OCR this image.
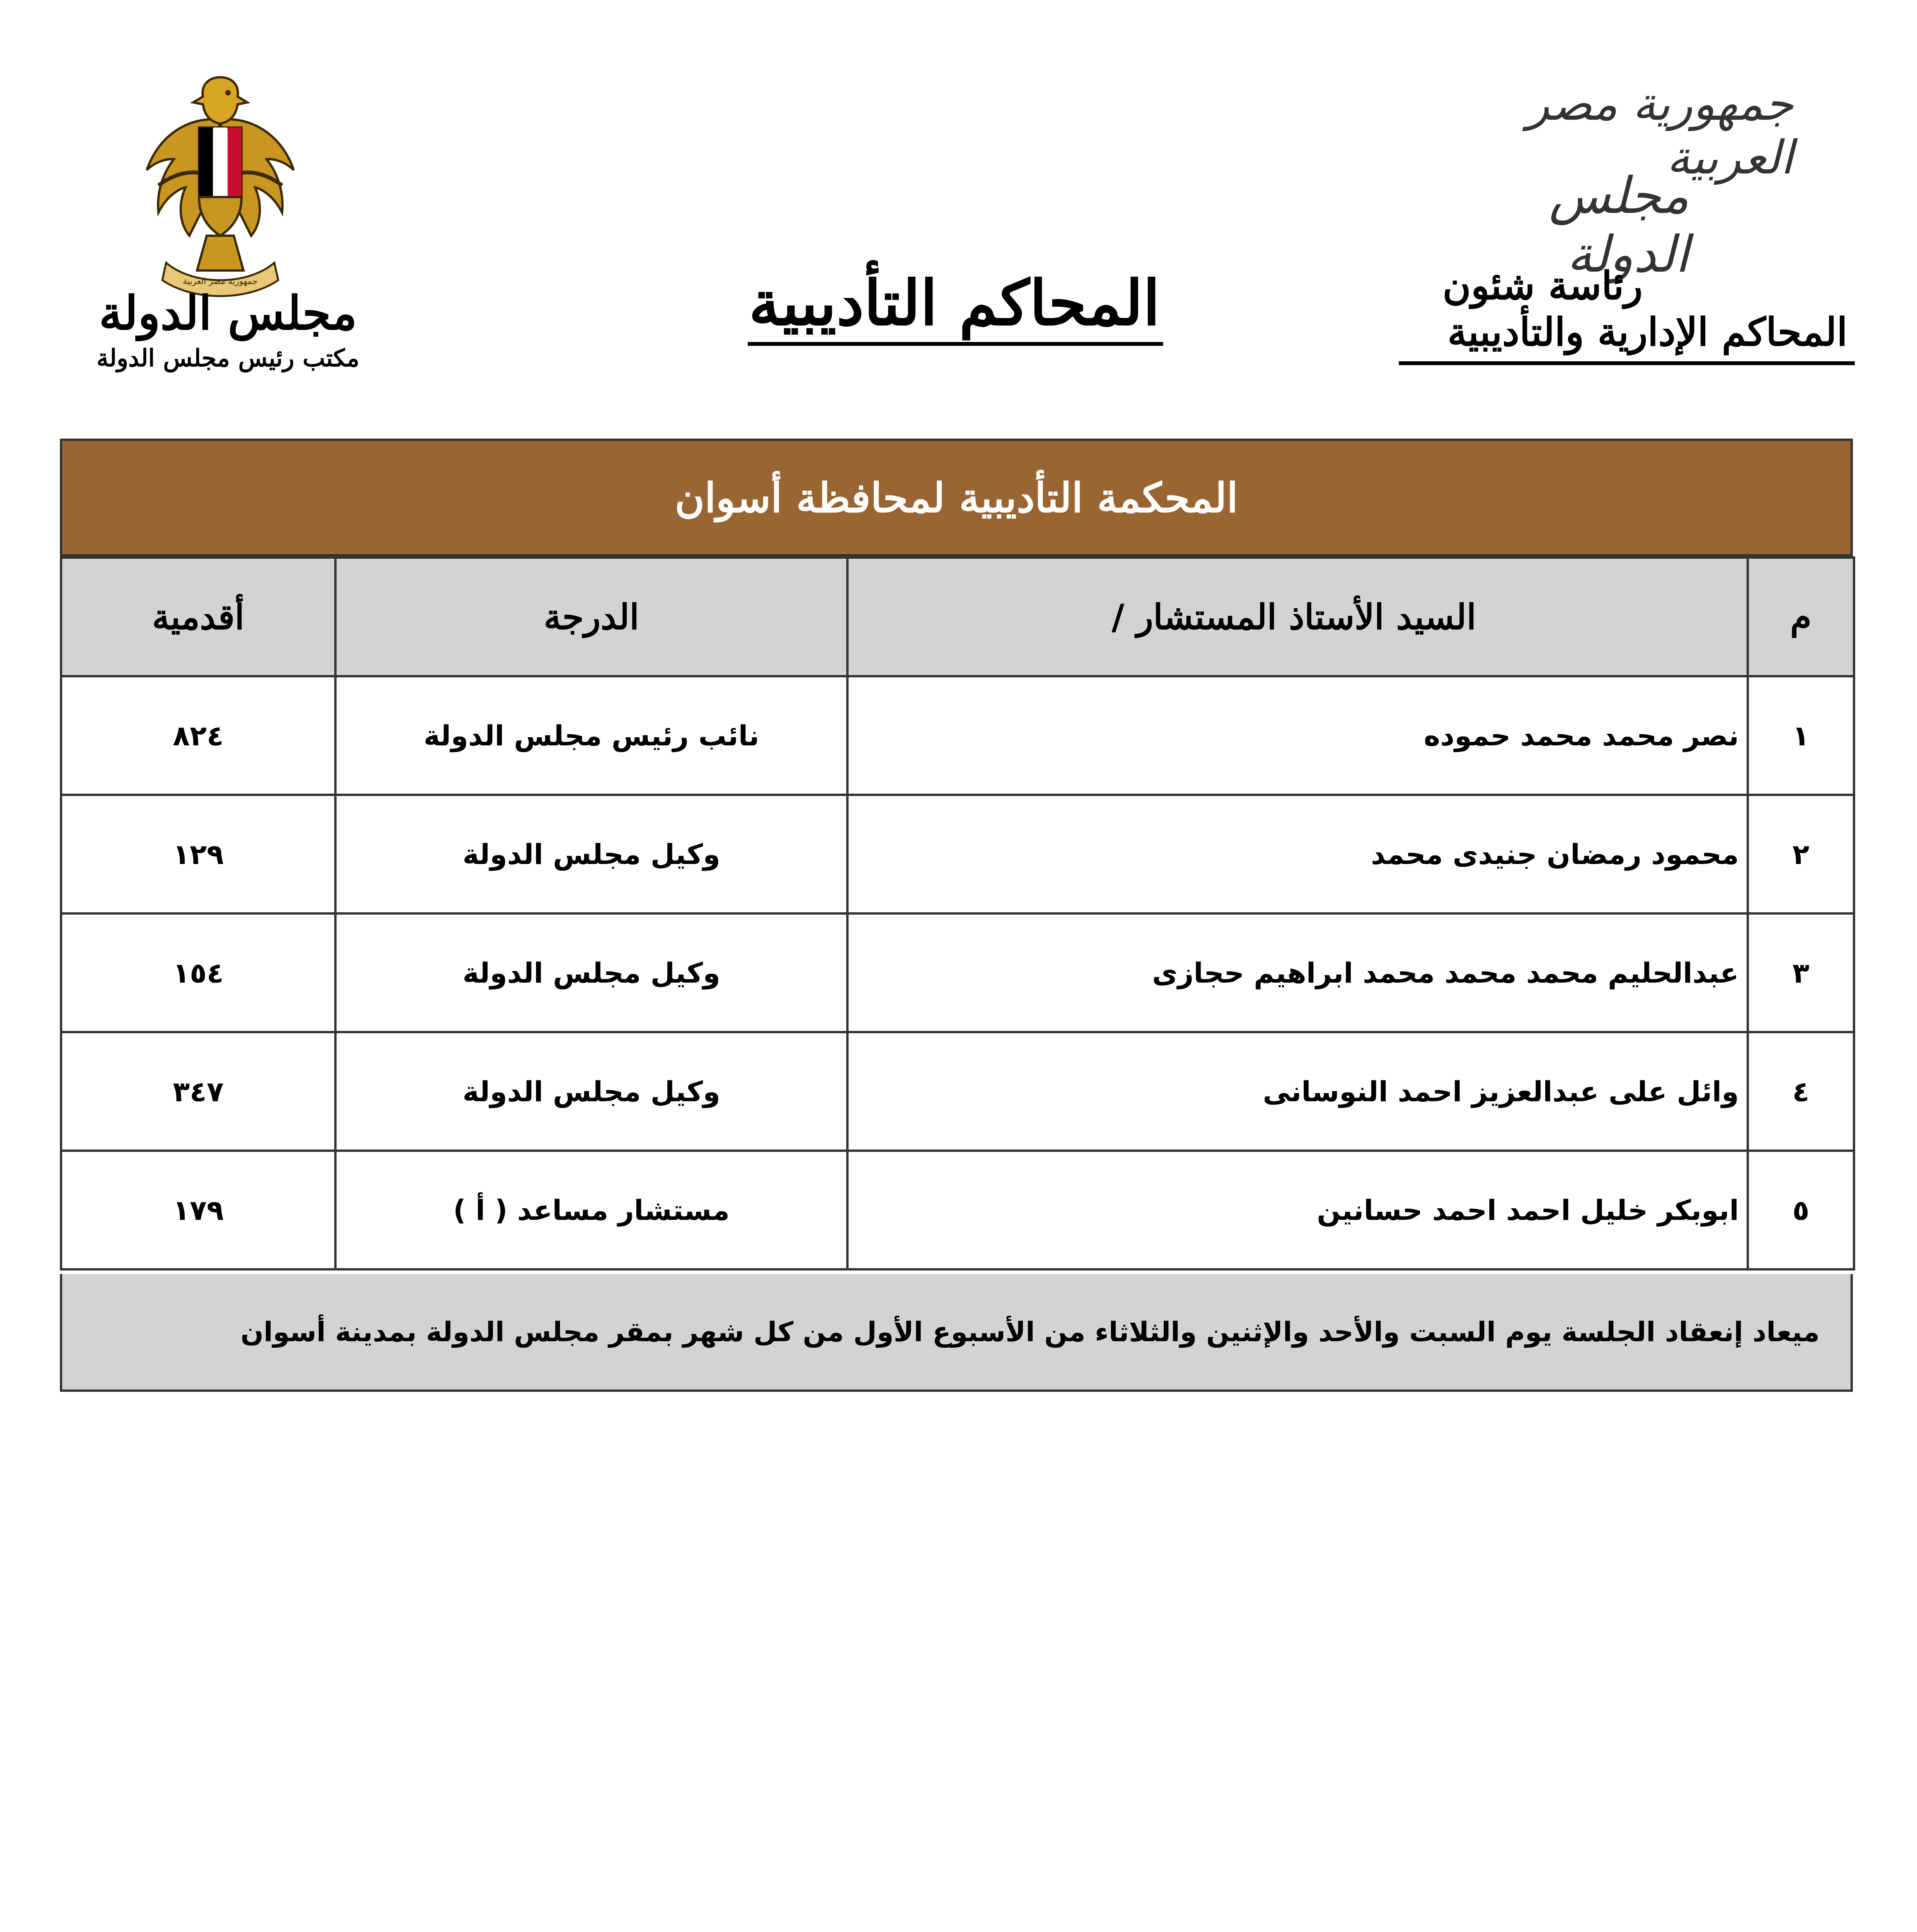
جمهورية مصر العربية
مجلس الدولة
مكتب رئيس مجلس الدولة
المحاكم التأديبية
جمهورية مصر العربية
مجلس الدولة
رئاسة شئون
المحاكم الإدارية والتأديبية
المحكمة التأديبية لمحافظة أسوان
م	السيد الأستاذ المستشار /	الدرجة	أقدمية
١	نصر محمد محمد حموده	نائب رئيس مجلس الدولة	٨٢٤
٢	محمود رمضان جنيدى محمد	وكيل مجلس الدولة	١٢٩
٣	عبدالحليم محمد محمد محمد ابراهيم حجازى	وكيل مجلس الدولة	١٥٤
٤	وائل على عبدالعزيز احمد النوسانى	وكيل مجلس الدولة	٣٤٧
٥	ابوبكر خليل احمد احمد حسانين	مستشار مساعد ( أ )	١٧٩
ميعاد إنعقاد الجلسة يوم السبت والأحد والإثنين والثلاثاء من الأسبوع الأول من كل شهر بمقر مجلس الدولة بمدينة أسوان
